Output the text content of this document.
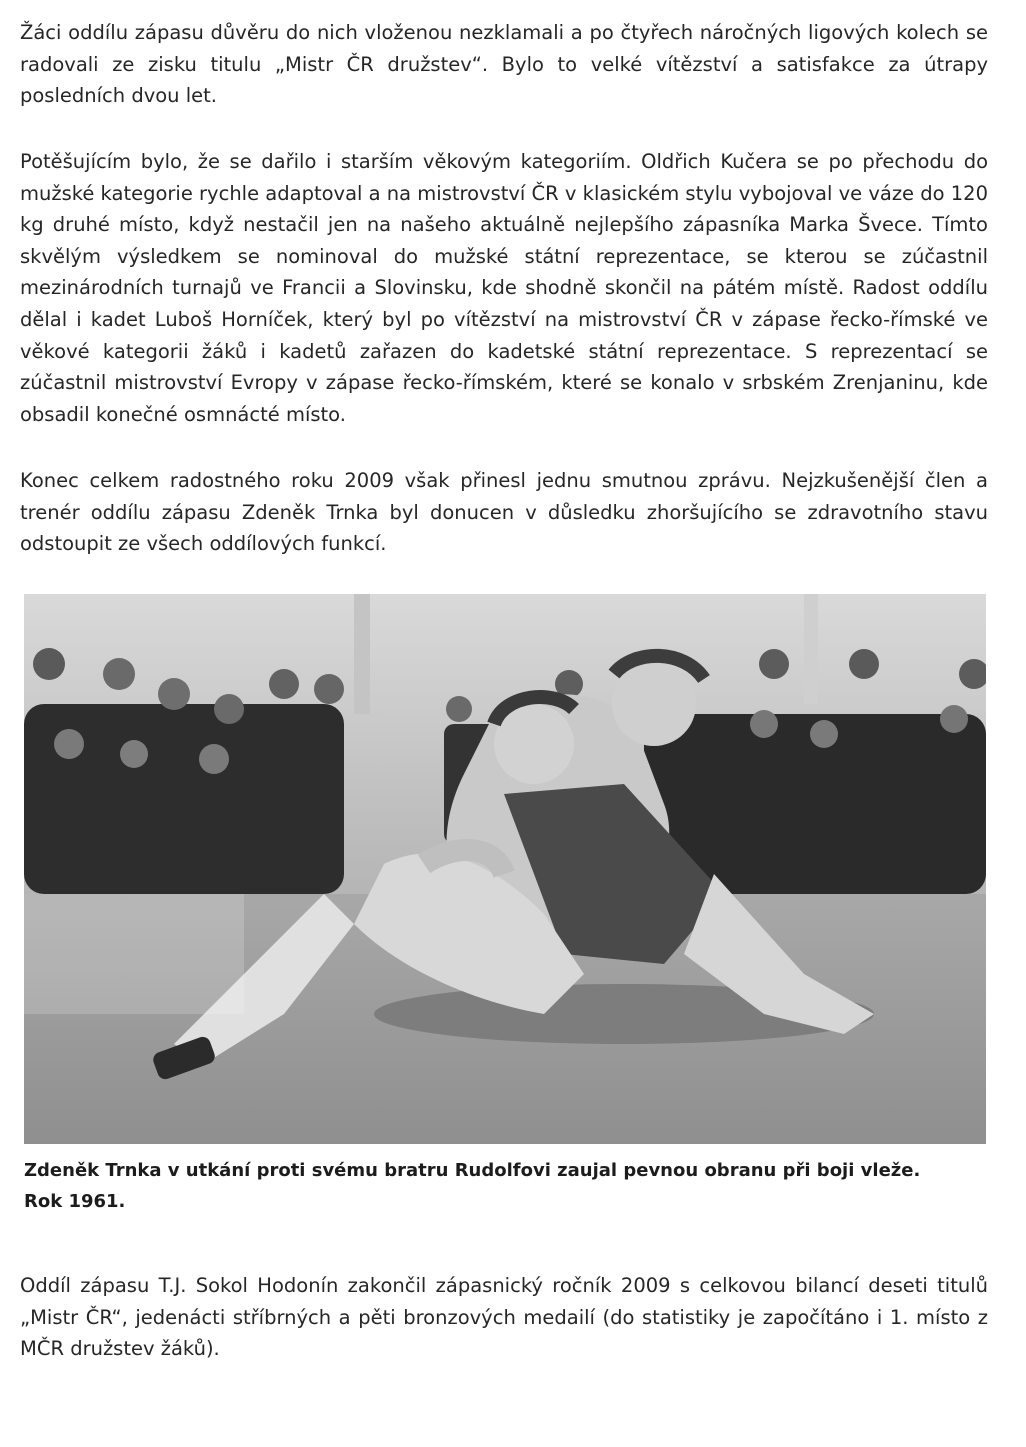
Žáci oddílu zápasu důvěru do nich vloženou nezklamali a po čtyřech náročných ligových kolech se radovali ze zisku titulu „Mistr ČR družstev“. Bylo to velké vítězství a satisfakce za útrapy posledních dvou let.

Potěšujícím bylo, že se dařilo i starším věkovým kategoriím. Oldřich Kučera se po přechodu do mužské kategorie rychle adaptoval a na mistrovství ČR v klasickém stylu vybojoval ve váze do 120 kg druhé místo, když nestačil jen na našeho aktuálně nejlepšího zápasníka Marka Švece. Tímto skvělým výsledkem se nominoval do mužské státní reprezentace, se kterou se zúčastnil mezinárodních turnajů ve Francii a Slovinsku, kde shodně skončil na pátém místě. Radost oddílu dělal i kadet Luboš Horníček, který byl po vítězství na mistrovství ČR v zápase řecko-římské ve věkové kategorii žáků i kadetů zařazen do kadetské státní reprezentace. S reprezentací se zúčastnil mistrovství Evropy v zápase řecko-římském, které se konalo v srbském Zrenjaninu, kde obsadil konečné osmnácté místo.

Konec celkem radostného roku 2009 však přinesl jednu smutnou zprávu. Nejzkušenější člen a trenér oddílu zápasu Zdeněk Trnka byl donucen v důsledku zhoršujícího se zdravotního stavu odstoupit ze všech oddílových funkcí.

Zdeněk Trnka v utkání proti svému bratru Rudolfovi zaujal pevnou obranu při boji vleže.
Rok 1961.

Oddíl zápasu T.J. Sokol Hodonín zakončil zápasnický ročník 2009 s celkovou bilancí deseti titulů „Mistr ČR“, jedenácti stříbrných a pěti bronzových medailí (do statistiky je započítáno i 1. místo z MČR družstev žáků).
